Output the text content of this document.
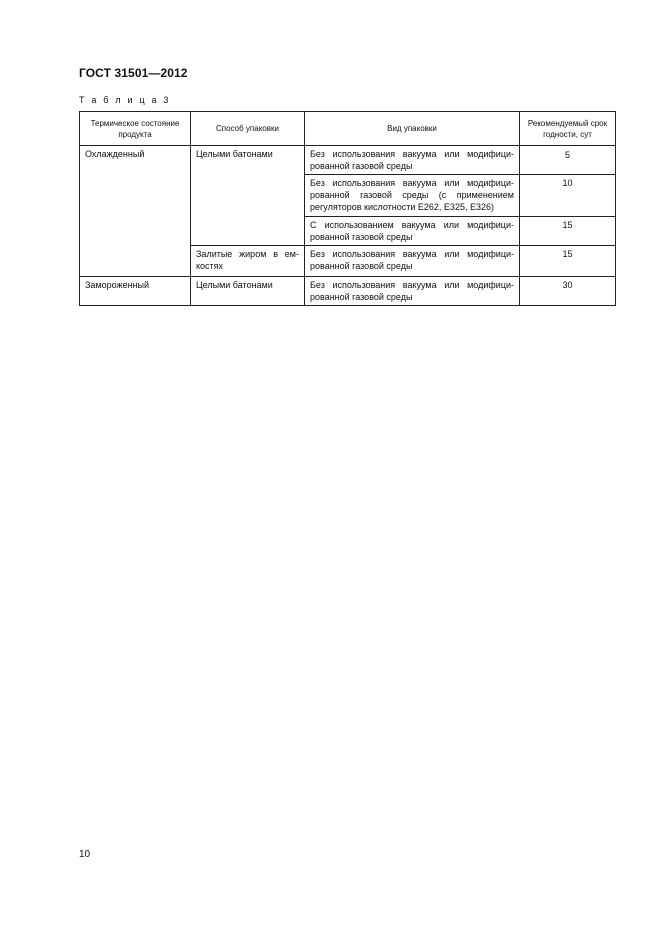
ГОСТ 31501—2012
Т а б л и ц а 3
Термическое состояние продукта	Способ упаковки	Вид упаковки	Рекомендуемый срок годности, сут
Охлажденный	Целыми батонами	Без использования вакуума или модифици-рованной газовой среды	5
		Без использования вакуума или модифици-рованной газовой среды (с применением регуляторов кислотности Е262, Е325, Е326)	10
		С использованием вакуума или модифици-рованной газовой среды	15
	Залитые жиром в ем-костях	Без использования вакуума или модифици-рованной газовой среды	15
Замороженный	Целыми батонами	Без использования вакуума или модифици-рованной газовой среды	30
10
